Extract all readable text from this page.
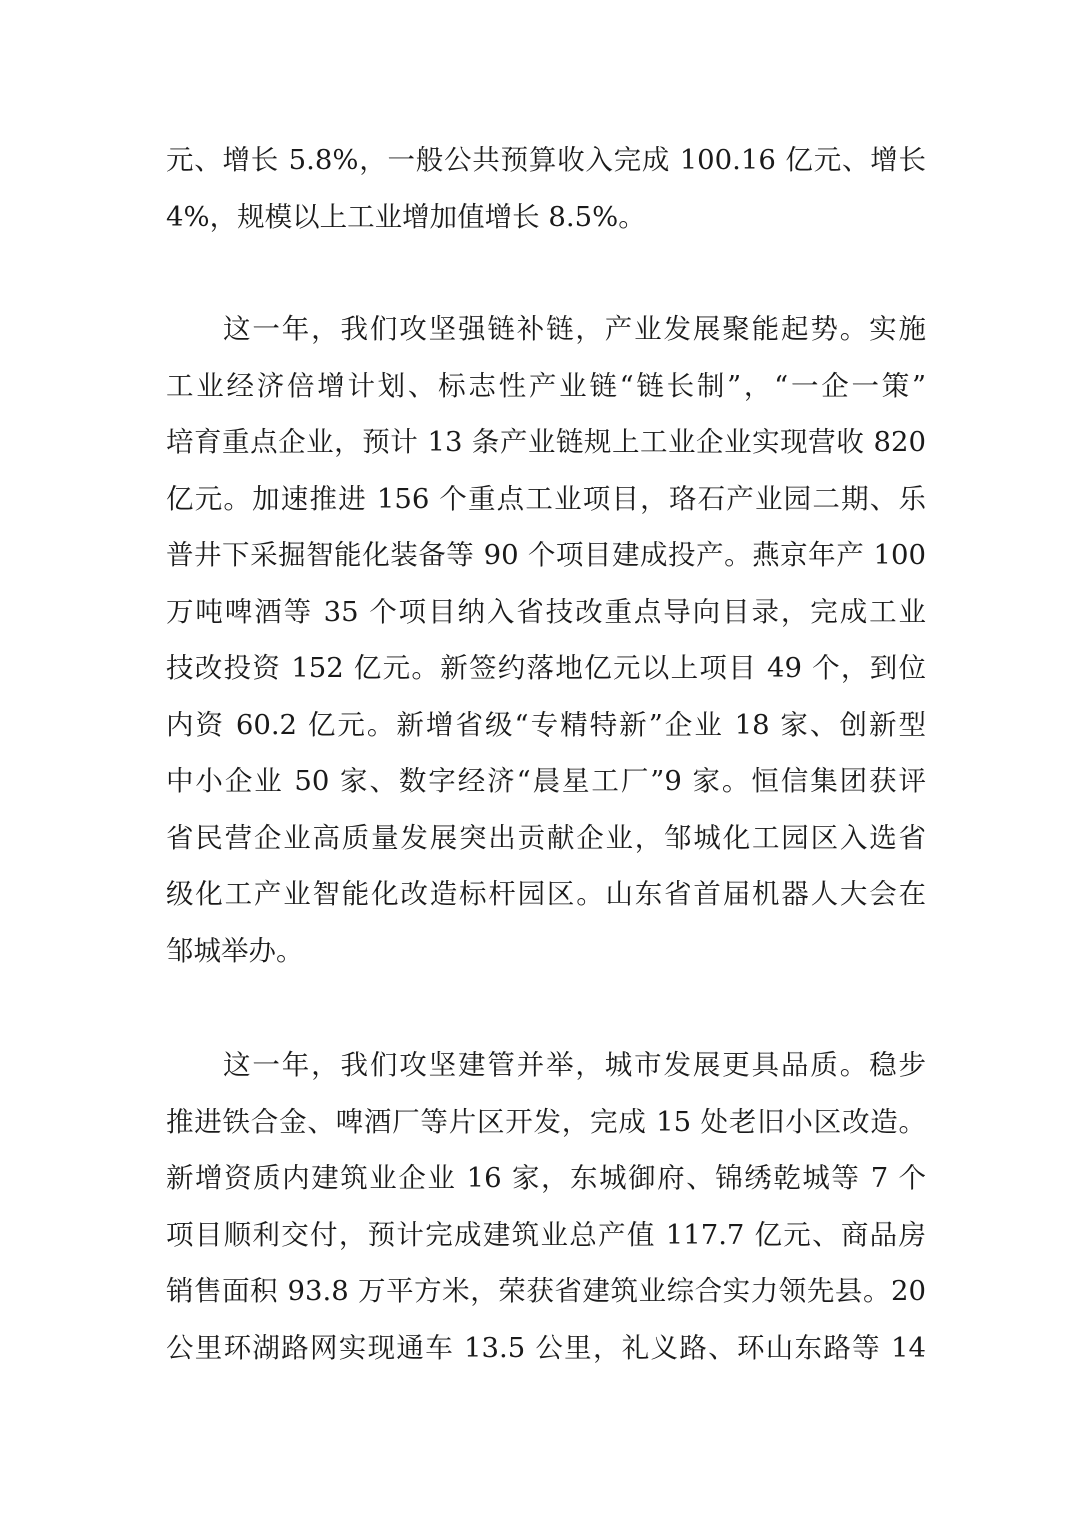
元、增长 5.8%，一般公共预算收入完成 100.16 亿元、增长
4%，规模以上工业增加值增长 8.5%。
这一年，我们攻坚强链补链，产业发展聚能起势。实施
工业经济倍增计划、标志性产业链“链长制”，“一企一策”
培育重点企业，预计 13 条产业链规上工业企业实现营收 820
亿元。加速推进 156 个重点工业项目，珞石产业园二期、乐
普井下采掘智能化装备等 90 个项目建成投产。燕京年产 100
万吨啤酒等 35 个项目纳入省技改重点导向目录，完成工业
技改投资 152 亿元。新签约落地亿元以上项目 49 个，到位
内资 60.2 亿元。新增省级“专精特新”企业 18 家、创新型
中小企业 50 家、数字经济“晨星工厂”9 家。恒信集团获评
省民营企业高质量发展突出贡献企业，邹城化工园区入选省
级化工产业智能化改造标杆园区。山东省首届机器人大会在
邹城举办。
这一年，我们攻坚建管并举，城市发展更具品质。稳步
推进铁合金、啤酒厂等片区开发，完成 15 处老旧小区改造。
新增资质内建筑业企业 16 家，东城御府、锦绣乾城等 7 个
项目顺利交付，预计完成建筑业总产值 117.7 亿元、商品房
销售面积 93.8 万平方米，荣获省建筑业综合实力领先县。20
公里环湖路网实现通车 13.5 公里，礼义路、环山东路等 14
